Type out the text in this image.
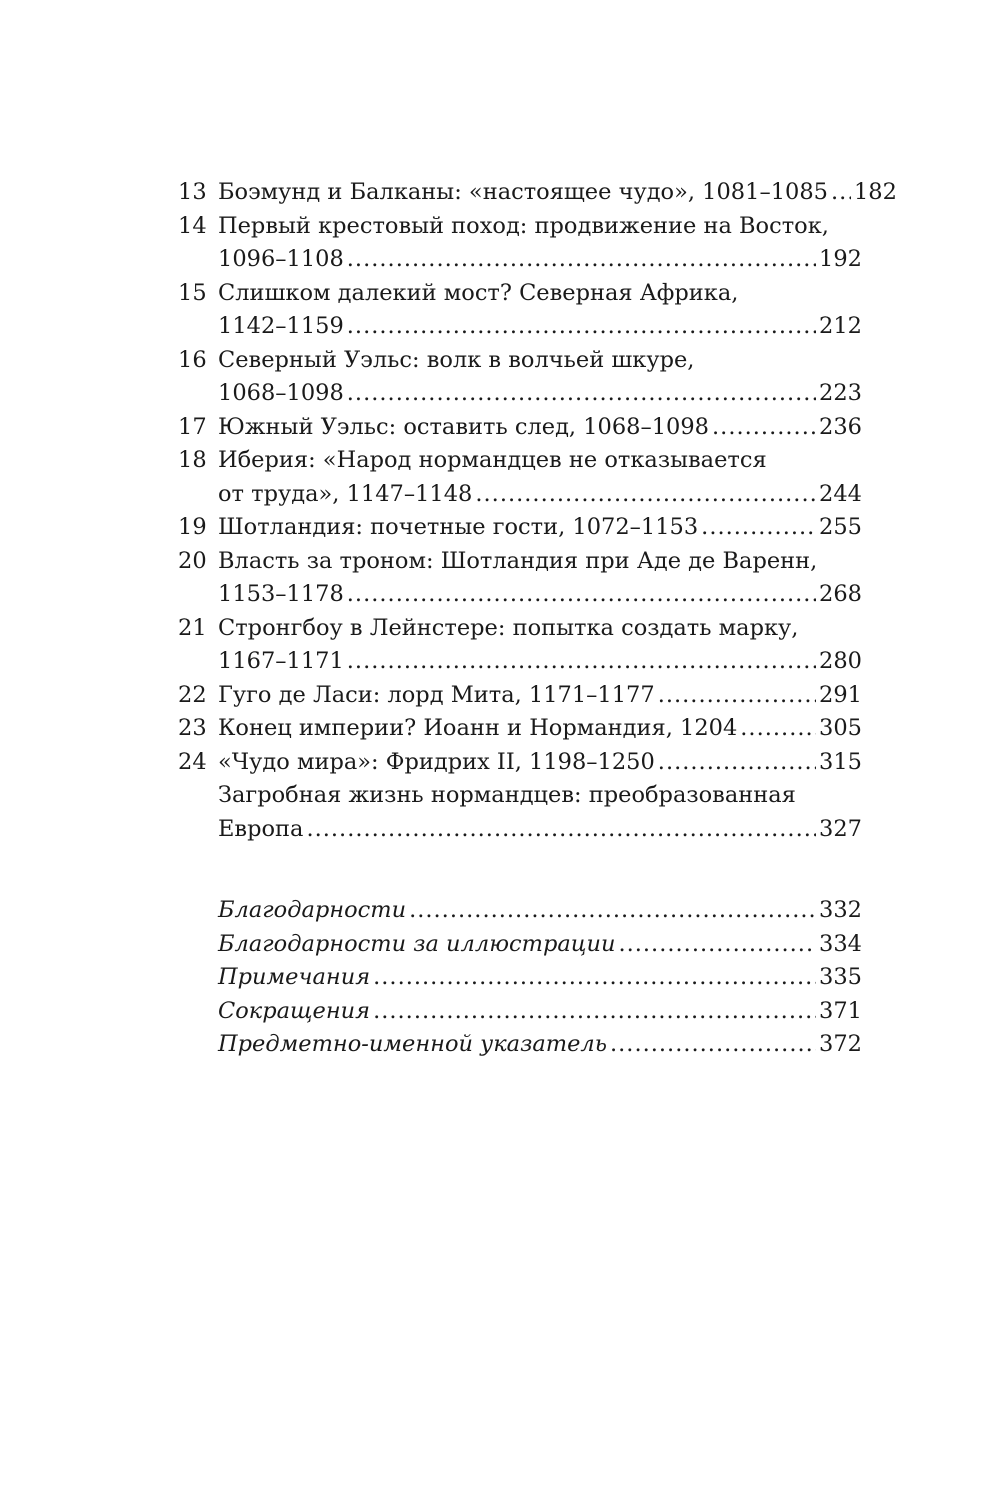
13 Боэмунд и Балканы: «настоящее чудо», 1081–1085 ..... 182
14 Первый крестовый поход: продвижение на Восток,
1096–1108 .....	192
15 Слишком далекий мост? Северная Африка,
1142–1159 .....	212
16 Северный Уэльс: волк в волчьей шкуре,
1068–1098 .....	223
17 Южный Уэльс: оставить след, 1068–1098 .....	236
18 Иберия: «Народ нормандцев не отказывается
от труда», 1147–1148 .....	244
19 Шотландия: почетные гости, 1072–1153 .....	255
20 Власть за троном: Шотландия при Аде де Варенн,
1153–1178 .....	268
21 Стронгбоу в Лейнстере: попытка создать марку,
1167–1171 .....	280
22 Гуго де Ласи: лорд Мита, 1171–1177 .....	291
23 Конец империи? Иоанн и Нормандия, 1204 .....	305
24 «Чудо мира»: Фридрих II, 1198–1250 .....	315
Загробная жизнь нормандцев: преобразованная
Европа .....	327
Благодарности .....	332
Благодарности за иллюстрации .....	334
Примечания .....	335
Сокращения .....	371
Предметно-именной указатель .....	372
